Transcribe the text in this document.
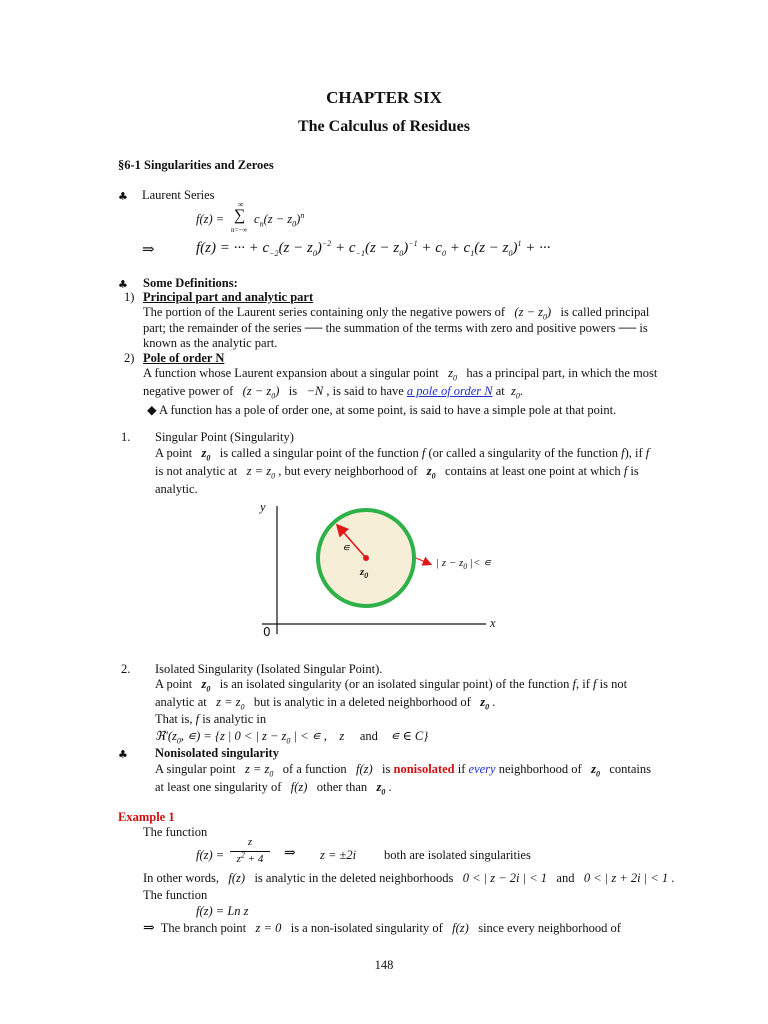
CHAPTER SIX
The Calculus of Residues
§6-1 Singularities and Zeroes
♣ Laurent Series
f(z) =
∞
∑
n=−∞
$c_n(z - z_0)^n$
⇒	f(z) = ··· + $c_{-2}(z - z_0)^{-2} + c_{-1}(z - z_0)^{-1} + c_0 + c_1(z - z_0)^1$ + ···
♣ Some Definitions:
1) Principal part and analytic part
The portion of the Laurent series containing only the negative powers of $(z - z_0)$ is called principal
part; the remainder of the series ── the summation of the terms with zero and positive powers ── is
known as the analytic part.
2) Pole of order N
A function whose Laurent expansion about a singular point $z_0$ has a principal part, in which the most
negative power of $(z - z_0)$ is −N , is said to have a pole of order N at $z_0$.
◆ A function has a pole of order one, at some point, is said to have a simple pole at that point.
1. Singular Point (Singularity)
A point $z_0$ is called a singular point of the function f (or called a singularity of the function f), if f
is not analytic at $z = z_0$ , but every neighborhood of $z_0$ contains at least one point at which f is
analytic.
y
x
0
∊
$z_0$
| $z - z_0$ |< ∊
2. Isolated Singularity (Isolated Singular Point).
A point $z_0$ is an isolated singularity (or an isolated singular point) of the function f, if f is not
analytic at $z = z_0$ but is analytic in a deleted neighborhood of $z_0$ .
That is, f is analytic in
$ℜ'(z_0$, ∊) = {z | 0 < | $z - z_0$ | < ∊ , z and ∊ ∈ C}
♣ Nonisolated singularity
A singular point $z = z_0$ of a function f(z) is nonisolated if every neighborhood of $z_0$ contains
at least one singularity of f(z) other than $z_0$ .
Example 1
The function
f(z) =
z
$z^2 + 4$	⇒ z = ±2i both are isolated singularities
In other words, f(z) is analytic in the deleted neighborhoods 0 < | z − 2i | < 1 and 0 < | z + 2i | < 1 .
The function
f(z) = Ln z
⇒ The branch point z = 0 is a non-isolated singularity of f(z) since every neighborhood of
148
